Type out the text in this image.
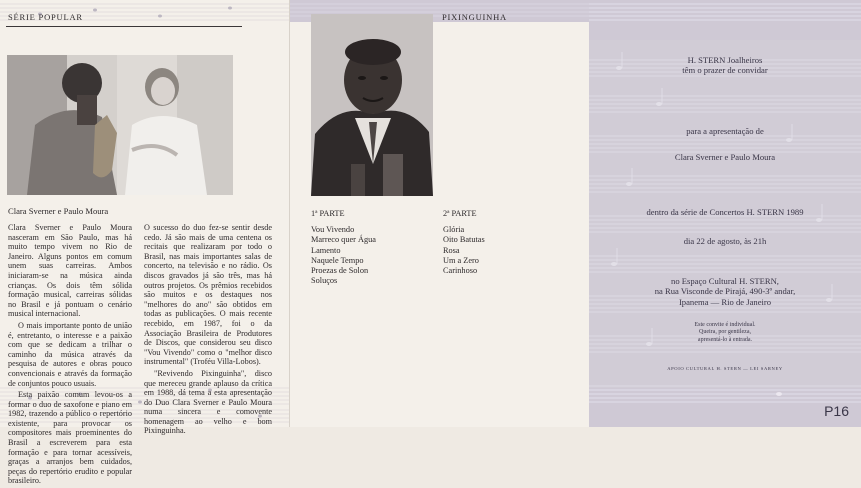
SÉRIE POPULAR
Clara Sverner e Paulo Moura

Clara Sverner e Paulo Moura nasceram em São Paulo, mas há muito tempo vivem no Rio de Janeiro. Alguns pontos em comum unem suas carreiras. Ambos iniciaram-se na música ainda crianças. Os dois têm sólida formação musical, carreiras sólidas no Brasil e já pontuam o cenário musical internacional.

O mais importante ponto de união é, entretanto, o interesse e a paixão com que se dedicam a trilhar o caminho da música através da pesquisa de autores e obras pouco convencionais e através da formação de conjuntos pouco usuais.

Esta paixão comum levou-os a formar o duo de saxofone e piano em 1982, trazendo a público o repertório existente, para provocar os compositores mais proeminentes do Brasil a escreverem para esta formação e para tornar acessíveis, graças a arranjos bem cuidados, peças do repertório erudito e popular brasileiro.

O sucesso do duo fez-se sentir desde cedo. Já são mais de uma centena os recitais que realizaram por todo o Brasil, nas mais importantes salas de concerto, na televisão e no rádio. Os discos gravados já são três, mas há outros projetos. Os prêmios recebidos são muitos e os destaques nos "melhores do ano" são obtidos em todas as publicações. O mais recente recebido, em 1987, foi o da Associação Brasileira de Produtores de Discos, que considerou seu disco "Vou Vivendo" como o "melhor disco instrumental" (Troféu Villa-Lobos).

"Revivendo Pixinguinha", disco que mereceu grande aplauso da crítica em 1988, dá tema a esta apresentação do Duo Clara Sverner e Paulo Moura numa sincera e comovente homenagem ao velho e bom Pixinguinha.

PIXINGUINHA
1ª PARTE
Vou Vivendo
Marreco quer Água
Lamento
Naquele Tempo
Proezas de Solon
Soluços
2ª PARTE
Glória
Oito Batutas
Rosa
Um a Zero
Carinhoso
H. STERN Joalheiros
têm o prazer de convidar
para a apresentação de
Clara Sverner e Paulo Moura
dentro da série de Concertos H. STERN 1989
dia 22 de agosto, às 21h
no Espaço Cultural H. STERN,
na Rua Visconde de Pirajá, 490-3º andar,
Ipanema — Rio de Janeiro
Este convite é individual.
Queira, por gentileza,
apresentá-lo à entrada.
APOIO CULTURAL H. STERN — LEI SARNEY
P16
